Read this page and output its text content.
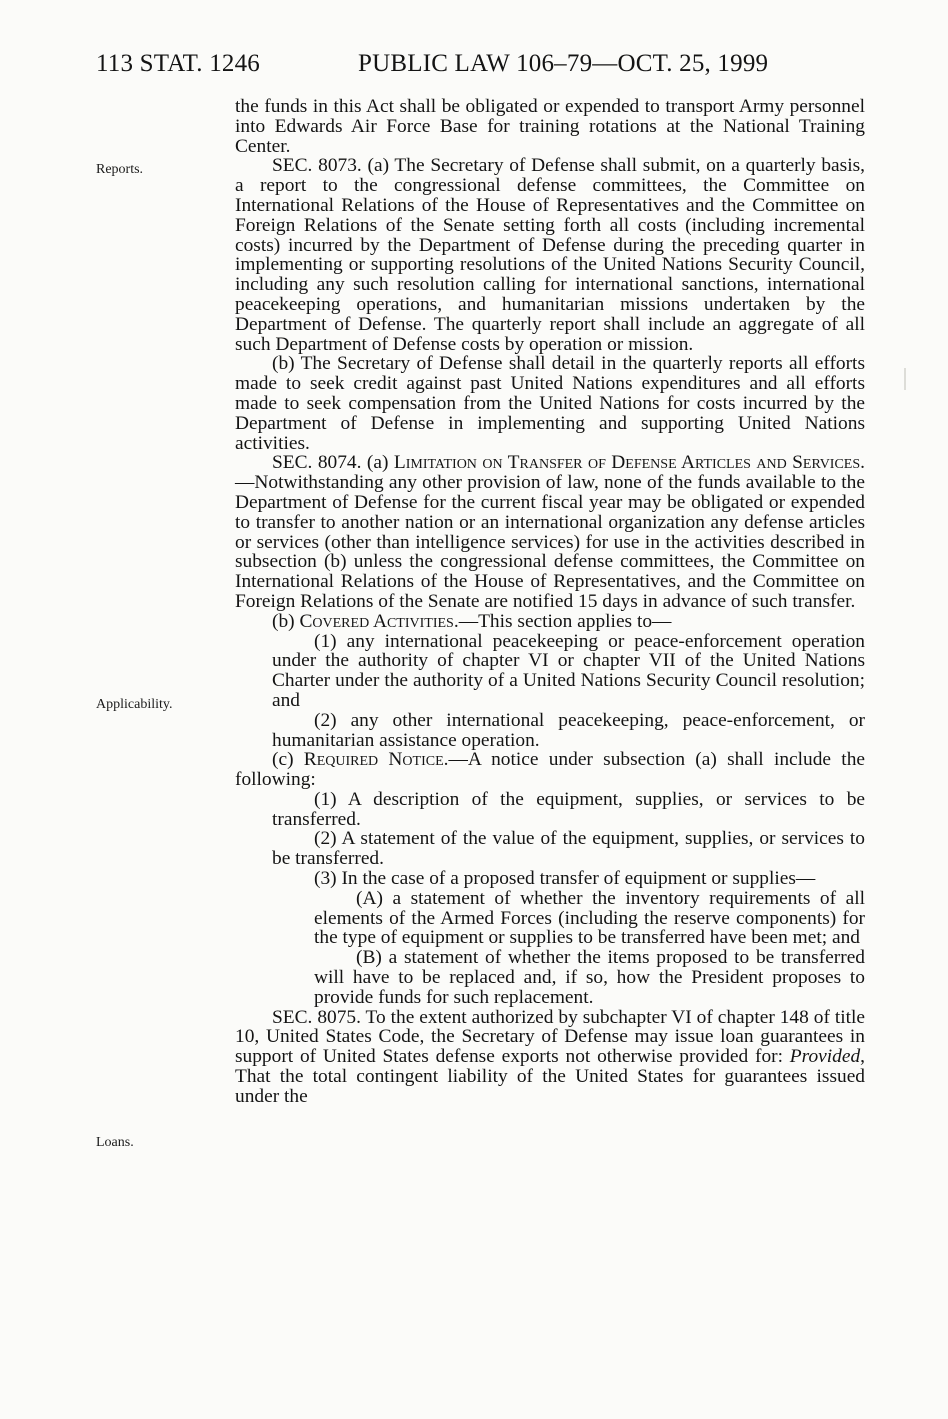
113 STAT. 1246	PUBLIC LAW 106–79—OCT. 25, 1999
Reports.
Applicability.
Loans.

the funds in this Act shall be obligated or expended to transport Army personnel into Edwards Air Force Base for training rotations at the National Training Center.

SEC. 8073. (a) The Secretary of Defense shall submit, on a quarterly basis, a report to the congressional defense committees, the Committee on International Relations of the House of Representatives and the Committee on Foreign Relations of the Senate setting forth all costs (including incremental costs) incurred by the Department of Defense during the preceding quarter in implementing or supporting resolutions of the United Nations Security Council, including any such resolution calling for international sanctions, international peacekeeping operations, and humanitarian missions undertaken by the Department of Defense. The quarterly report shall include an aggregate of all such Department of Defense costs by operation or mission.

(b) The Secretary of Defense shall detail in the quarterly reports all efforts made to seek credit against past United Nations expenditures and all efforts made to seek compensation from the United Nations for costs incurred by the Department of Defense in implementing and supporting United Nations activities.

SEC. 8074. (a) Limitation on Transfer of Defense Articles and Services.—Notwithstanding any other provision of law, none of the funds available to the Department of Defense for the current fiscal year may be obligated or expended to transfer to another nation or an international organization any defense articles or services (other than intelligence services) for use in the activities described in subsection (b) unless the congressional defense committees, the Committee on International Relations of the House of Representatives, and the Committee on Foreign Relations of the Senate are notified 15 days in advance of such transfer.

(b) Covered Activities.—This section applies to—

(1) any international peacekeeping or peace-enforcement operation under the authority of chapter VI or chapter VII of the United Nations Charter under the authority of a United Nations Security Council resolution; and

(2) any other international peacekeeping, peace-enforcement, or humanitarian assistance operation.

(c) Required Notice.—A notice under subsection (a) shall include the following:

(1) A description of the equipment, supplies, or services to be transferred.

(2) A statement of the value of the equipment, supplies, or services to be transferred.

(3) In the case of a proposed transfer of equipment or supplies—

(A) a statement of whether the inventory requirements of all elements of the Armed Forces (including the reserve components) for the type of equipment or supplies to be transferred have been met; and

(B) a statement of whether the items proposed to be transferred will have to be replaced and, if so, how the President proposes to provide funds for such replacement.

SEC. 8075. To the extent authorized by subchapter VI of chapter 148 of title 10, United States Code, the Secretary of Defense may issue loan guarantees in support of United States defense exports not otherwise provided for: Provided, That the total contingent liability of the United States for guarantees issued under the
